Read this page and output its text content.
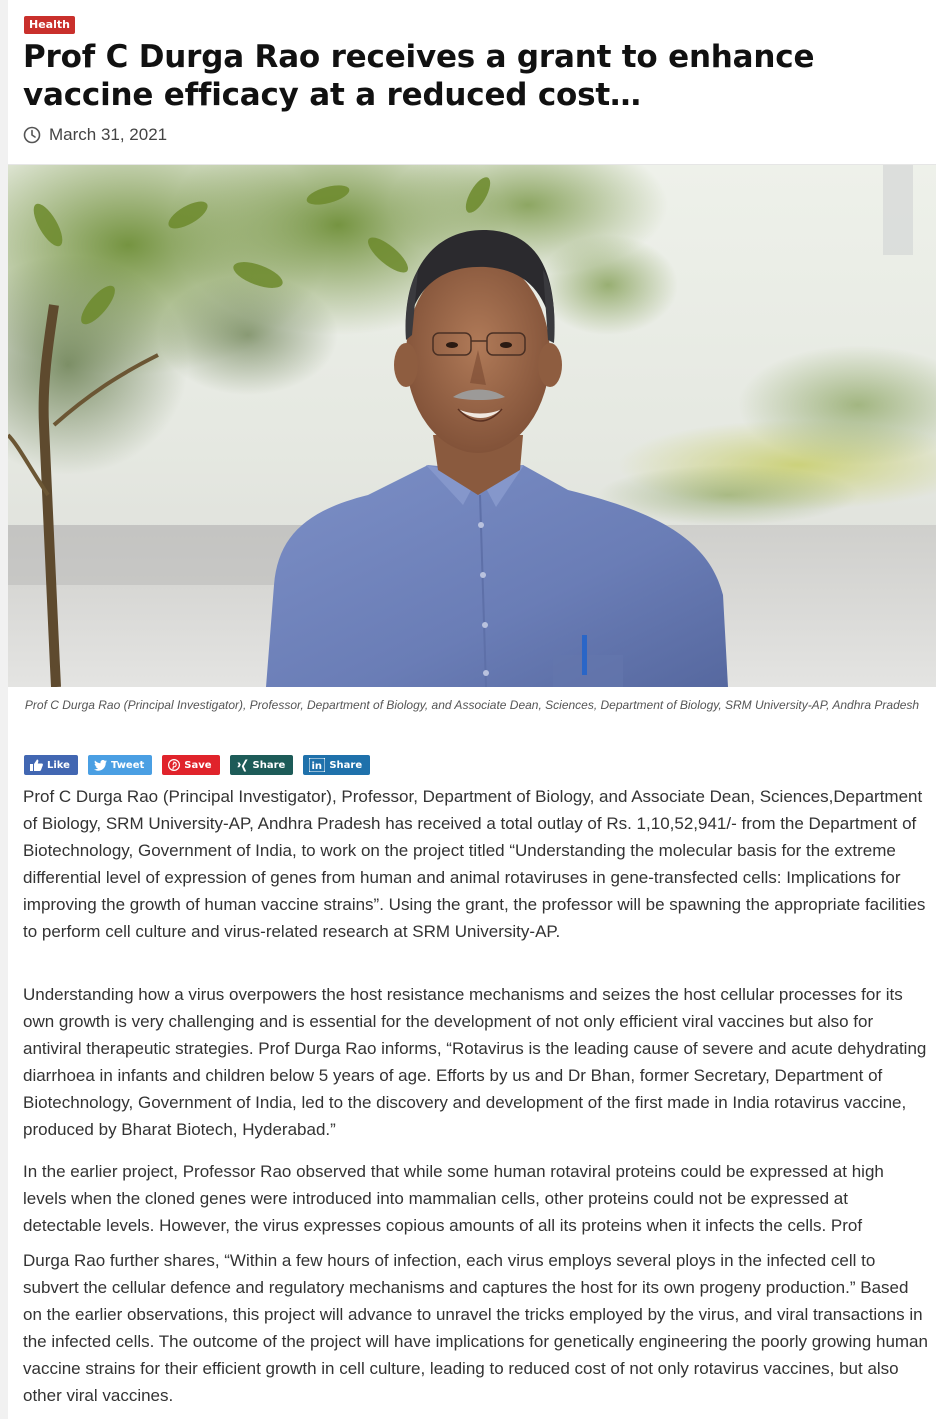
Health
Prof C Durga Rao receives a grant to enhance vaccine efficacy at a reduced cost…
March 31, 2021
Prof C Durga Rao (Principal Investigator), Professor, Department of Biology, and Associate Dean, Sciences, Department of Biology, SRM University-AP, Andhra Pradesh
Like	Tweet	Save	Share	in Share

Prof C Durga Rao (Principal Investigator), Professor, Department of Biology, and Associate Dean, Sciences,Department of Biology, SRM University-AP, Andhra Pradesh has received a total outlay of Rs. 1,10,52,941/- from the Department of Biotechnology, Government of India, to work on the project titled “Understanding the molecular basis for the extreme differential level of expression of genes from human and animal rotaviruses in gene-transfected cells: Implications for improving the growth of human vaccine strains”. Using the grant, the professor will be spawning the appropriate facilities to perform cell culture and virus-related research at SRM University-AP.

Understanding how a virus overpowers the host resistance mechanisms and seizes the host cellular processes for its own growth is very challenging and is essential for the development of not only efficient viral vaccines but also for antiviral therapeutic strategies. Prof Durga Rao informs, “Rotavirus is the leading cause of severe and acute dehydrating diarrhoea in infants and children below 5 years of age. Efforts by us and Dr Bhan, former Secretary, Department of Biotechnology, Government of India, led to the discovery and development of the first made in India rotavirus vaccine, produced by Bharat Biotech, Hyderabad.”

In the earlier project, Professor Rao observed that while some human rotaviral proteins could be expressed at high levels when the cloned genes were introduced into mammalian cells, other proteins could not be expressed at detectable levels. However, the virus expresses copious amounts of all its proteins when it infects the cells. Prof

Durga Rao further shares, “Within a few hours of infection, each virus employs several ploys in the infected cell to subvert the cellular defence and regulatory mechanisms and captures the host for its own progeny production.” Based on the earlier observations, this project will advance to unravel the tricks employed by the virus, and viral transactions in the infected cells. The outcome of the project will have implications for genetically engineering the poorly growing human vaccine strains for their efficient growth in cell culture, leading to reduced cost of not only rotavirus vaccines, but also other viral vaccines.
